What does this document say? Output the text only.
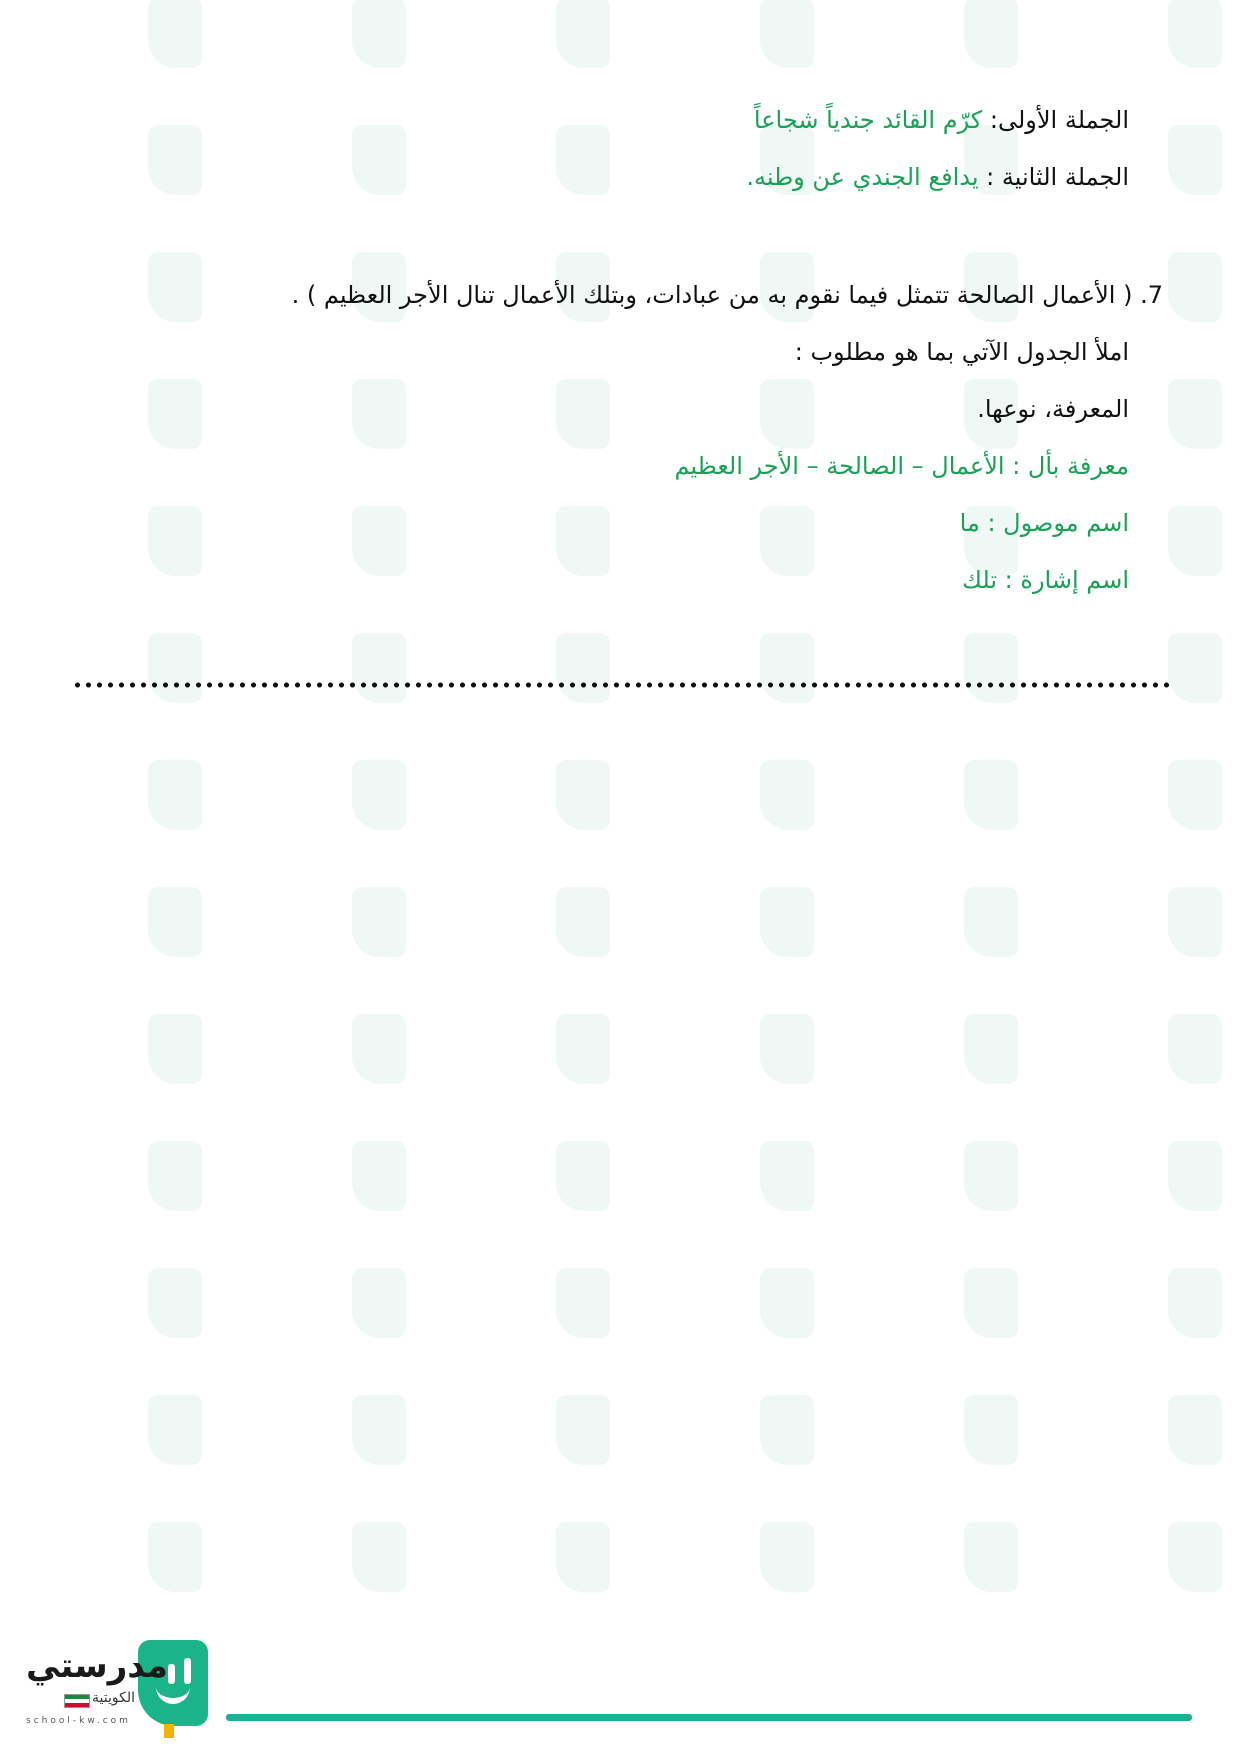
الجملة الأولى: كرّم القائد جندياً شجاعاً
الجملة الثانية : يدافع الجندي عن وطنه.
7. ( الأعمال الصالحة تتمثل فيما نقوم به من عبادات، وبتلك الأعمال تنال الأجر العظيم ) .
املأ الجدول الآتي بما هو مطلوب :
المعرفة، نوعها.
معرفة بأل : الأعمال – الصالحة – الأجر العظيم
اسم موصول : ما
اسم إشارة : تلك
مدرستي
الكويتية
school-kw.com
